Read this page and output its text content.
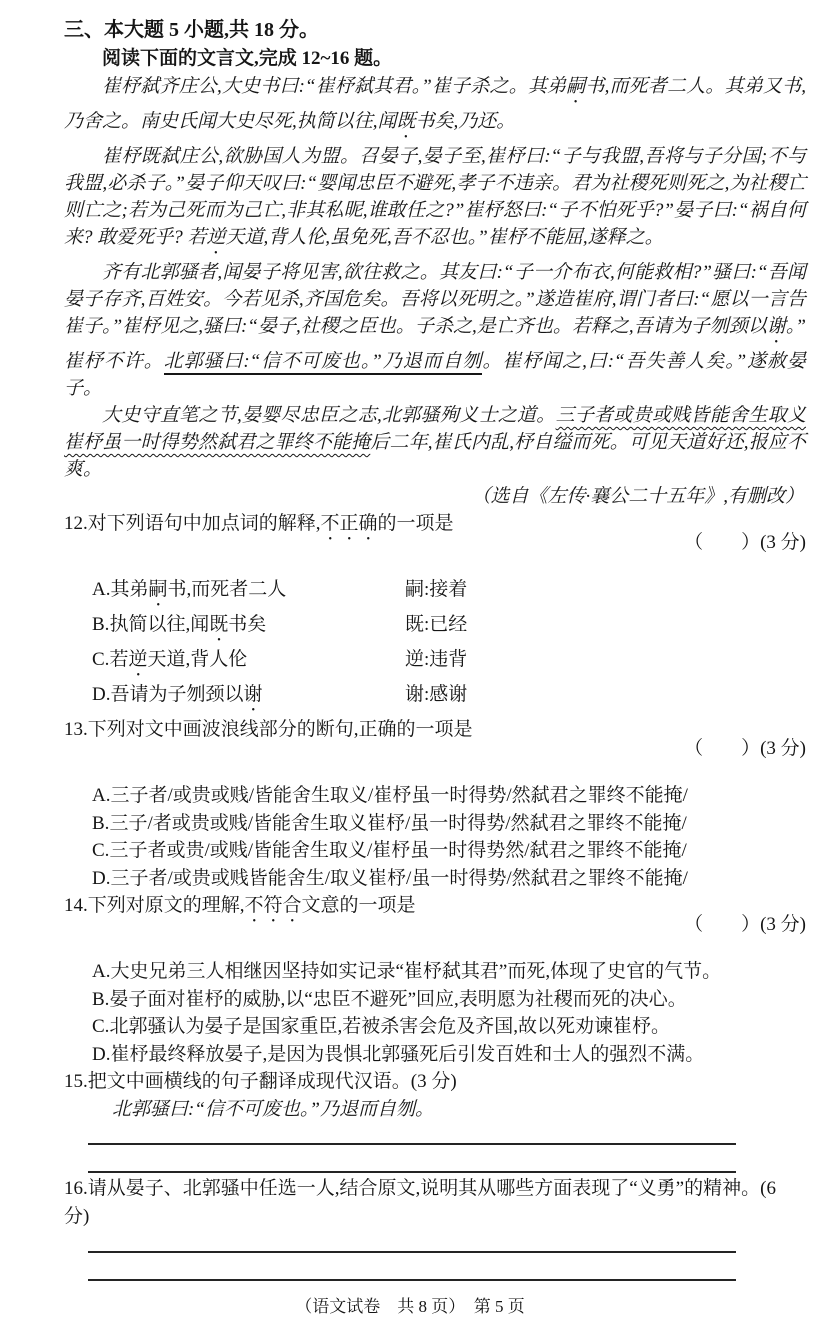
三、本大题 5 小题,共 18 分。

阅读下面的文言文,完成 12~16 题。

崔杼弑齐庄公,大史书曰:“崔杼弑其君。”崔子杀之。其弟嗣书,而死者二人。其弟又书,乃舍之。南史氏闻大史尽死,执简以往,闻既书矣,乃还。

崔杼既弑庄公,欲胁国人为盟。召晏子,晏子至,崔杼曰:“子与我盟,吾将与子分国;不与我盟,必杀子。”晏子仰天叹曰:“婴闻忠臣不避死,孝子不违亲。君为社稷死则死之,为社稷亡则亡之;若为己死而为己亡,非其私昵,谁敢任之?”崔杼怒曰:“子不怕死乎?”晏子曰:“祸自何来? 敢爱死乎? 若逆天道,背人伦,虽免死,吾不忍也。”崔杼不能屈,遂释之。

齐有北郭骚者,闻晏子将见害,欲往救之。其友曰:“子一介布衣,何能救相?”骚曰:“吾闻晏子存齐,百姓安。今若见杀,齐国危矣。吾将以死明之。”遂造崔府,谓门者曰:“愿以一言告崔子。”崔杼见之,骚曰:“晏子,社稷之臣也。子杀之,是亡齐也。若释之,吾请为子刎颈以谢。”崔杼不许。北郭骚曰:“信不可废也。”乃退而自刎。崔杼闻之,曰:“吾失善人矣。”遂赦晏子。

大史守直笔之节,晏婴尽忠臣之志,北郭骚殉义士之道。三子者或贵或贱皆能舍生取义崔杼虽一时得势然弑君之罪终不能掩后二年,崔氏内乱,杼自缢而死。可见天道好还,报应不爽。

（选自《左传·襄公二十五年》,有删改）

12.对下列语句中加点词的解释,不正确的一项是

（　　）(3 分)

A.其弟嗣书,而死者二人	嗣:接着

B.执简以往,闻既书矣	既:已经

C.若逆天道,背人伦	逆:违背

D.吾请为子刎颈以谢	谢:感谢

13.下列对文中画波浪线部分的断句,正确的一项是

（　　）(3 分)

A.三子者/或贵或贱/皆能舍生取义/崔杼虽一时得势/然弑君之罪终不能掩/

B.三子/者或贵或贱/皆能舍生取义崔杼/虽一时得势/然弑君之罪终不能掩/

C.三子者或贵/或贱/皆能舍生取义/崔杼虽一时得势然/弑君之罪终不能掩/

D.三子者/或贵或贱皆能舍生/取义崔杼/虽一时得势/然弑君之罪终不能掩/

14.下列对原文的理解,不符合文意的一项是

（　　）(3 分)

A.大史兄弟三人相继因坚持如实记录“崔杼弑其君”而死,体现了史官的气节。

B.晏子面对崔杼的威胁,以“忠臣不避死”回应,表明愿为社稷而死的决心。

C.北郭骚认为晏子是国家重臣,若被杀害会危及齐国,故以死劝谏崔杼。

D.崔杼最终释放晏子,是因为畏惧北郭骚死后引发百姓和士人的强烈不满。

15.把文中画横线的句子翻译成现代汉语。(3 分)

北郭骚曰:“信不可废也。”乃退而自刎。

16.请从晏子、北郭骚中任选一人,结合原文,说明其从哪些方面表现了“义勇”的精神。(6 分)

（语文试卷　共 8 页）　第 5 页
